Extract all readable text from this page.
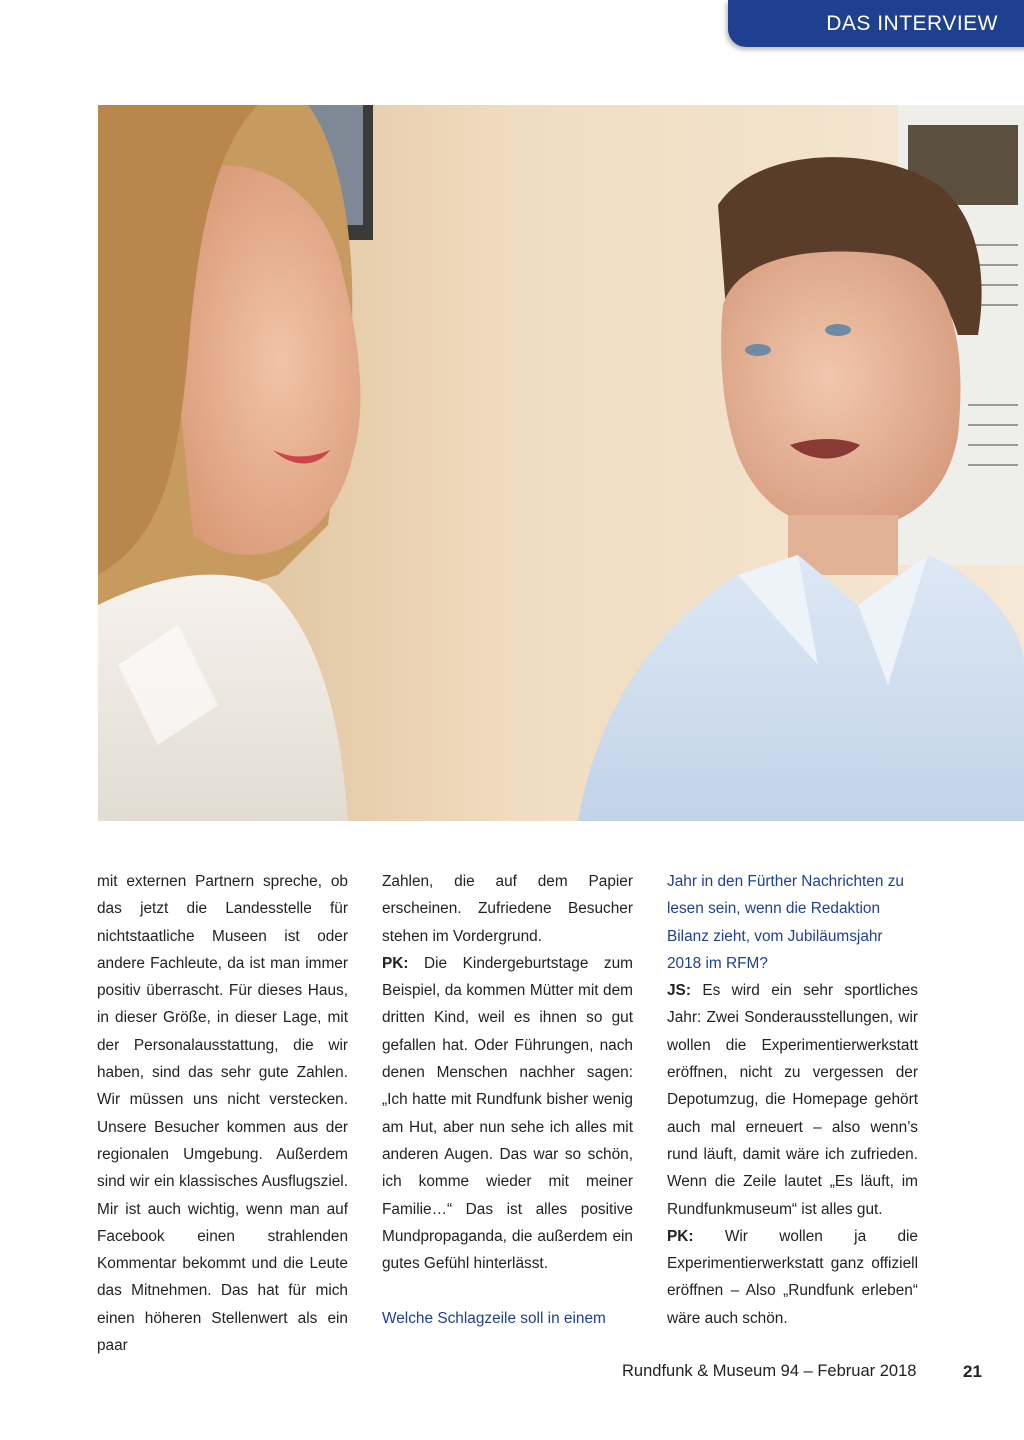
DAS INTERVIEW

mit externen Partnern spreche, ob das jetzt die Landesstelle für nichtstaatliche Museen ist oder andere Fachleute, da ist man immer positiv überrascht. Für dieses Haus, in dieser Größe, in dieser Lage, mit der Personalausstattung, die wir haben, sind das sehr gute Zahlen. Wir müssen uns nicht verstecken. Unsere Besucher kommen aus der regionalen Umgebung. Außerdem sind wir ein klassisches Ausflugsziel. Mir ist auch wichtig, wenn man auf Facebook einen strahlenden Kommentar bekommt und die Leute das Mitnehmen. Das hat für mich einen höheren Stellenwert als ein paar

Zahlen, die auf dem Papier erscheinen. Zufriedene Besucher stehen im Vordergrund.

PK: Die Kindergeburtstage zum Beispiel, da kommen Mütter mit dem dritten Kind, weil es ihnen so gut gefallen hat. Oder Führungen, nach denen Menschen nachher sagen: „Ich hatte mit Rundfunk bisher wenig am Hut, aber nun sehe ich alles mit anderen Augen. Das war so schön, ich komme wieder mit meiner Familie…“ Das ist alles positive Mundpropaganda, die außerdem ein gutes Gefühl hinterlässt.

Welche Schlagzeile soll in einem

Jahr in den Fürther Nachrichten zu lesen sein, wenn die Redaktion Bilanz zieht, vom Jubiläumsjahr 2018 im RFM?

JS: Es wird ein sehr sportliches Jahr: Zwei Sonderausstellungen, wir wollen die Experimentierwerkstatt eröffnen, nicht zu vergessen der Depotumzug, die Homepage gehört auch mal erneuert – also wenn’s rund läuft, damit wäre ich zufrieden. Wenn die Zeile lautet „Es läuft, im Rundfunkmuseum“ ist alles gut.

PK: Wir wollen ja die Experimentierwerkstatt ganz offiziell eröffnen – Also „Rundfunk erleben“ wäre auch schön.

Rundfunk & Museum 94 – Februar 2018	21
